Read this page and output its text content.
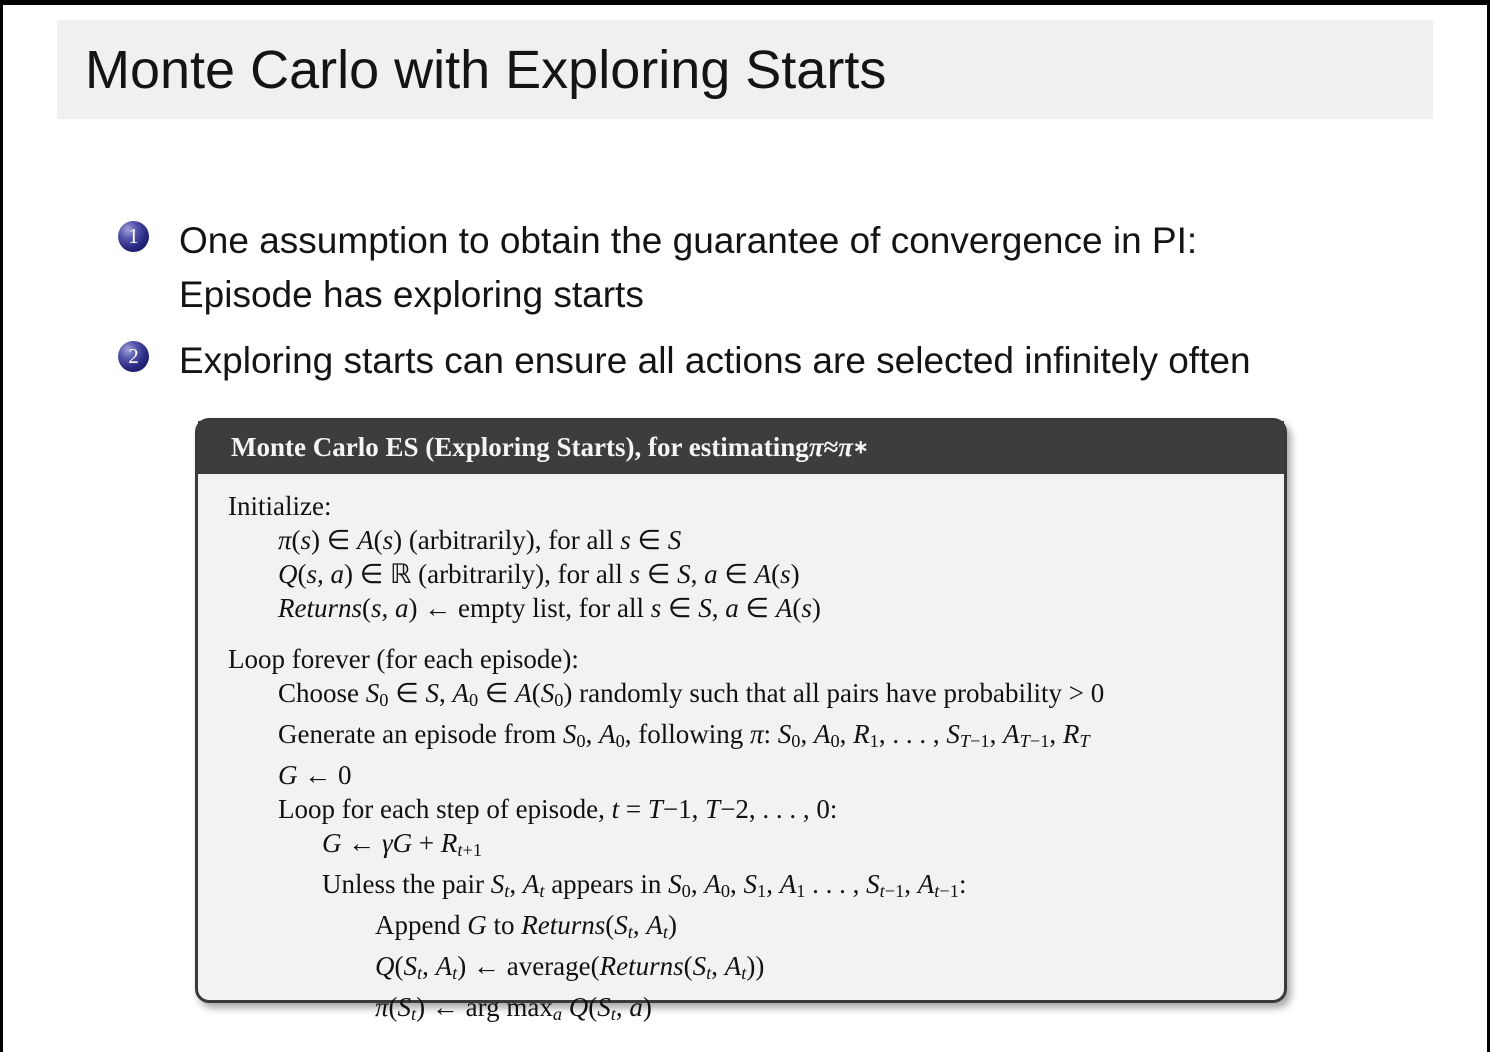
Monte Carlo with Exploring Starts
1 One assumption to obtain the guarantee of convergence in PI:
Episode has exploring starts
2 Exploring starts can ensure all actions are selected infinitely often
Monte Carlo ES (Exploring Starts), for estimating π ≈ π ∗
Initialize:
π(s) ∈ A(s) (arbitrarily), for all s ∈ S
Q(s, a) ∈ ℝ (arbitrarily), for all s ∈ S, a ∈ A(s)
Returns(s, a) ← empty list, for all s ∈ S, a ∈ A(s)
Loop forever (for each episode):
Choose S0 ∈ S, A0 ∈ A(S0) randomly such that all pairs have probability > 0
Generate an episode from S0, A0, following π: S0, A0, R1, . . . , ST−1, AT−1, RT
G ← 0
Loop for each step of episode, t = T−1, T−2, . . . , 0:
G ← γG + Rt+1
Unless the pair St, At appears in S0, A0, S1, A1 . . . , St−1, At−1:
Append G to Returns(St, At)
Q(St, At) ← average(Returns(St, At))
π(St) ← arg maxa Q(St, a)
